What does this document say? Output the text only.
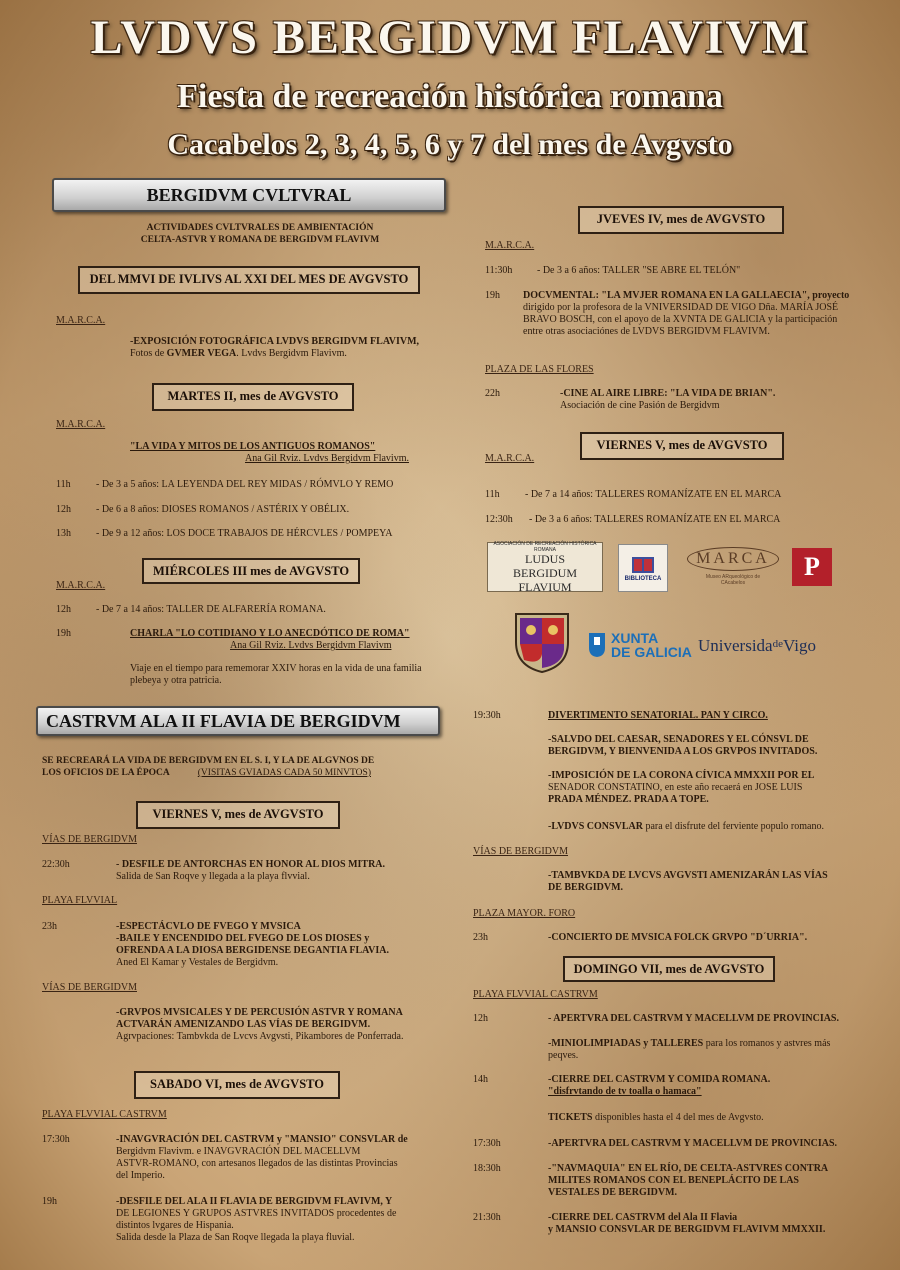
LVDVS BERGIDVM FLAVIVM
Fiesta de recreación histórica romana
Cacabelos 2, 3, 4, 5, 6 y 7 del mes de Avgvsto
BERGIDVM CVLTVRAL
ACTIVIDADES CVLTVRALES DE AMBIENTACIÓN
CELTA-ASTVR Y ROMANA DE BERGIDVM FLAVIVM
DEL MMVI DE IVLIVS AL XXI DEL MES DE AVGVSTO
M.A.R.C.A.
-EXPOSICIÓN FOTOGRÁFICA LVDVS BERGIDVM FLAVIVM,
Fotos de GVMER VEGA. Lvdvs Bergidvm Flavivm.
MARTES II, mes de AVGVSTO
M.A.R.C.A.
"LA VIDA Y MITOS DE LOS ANTIGUOS ROMANOS"
Ana Gil Rviz. Lvdvs Bergidvm Flavivm.
11h	- De 3 a 5 años: LA LEYENDA DEL REY MIDAS / RÓMVLO Y REMO
12h	- De 6 a 8 años: DIOSES ROMANOS / ASTÉRIX Y OBÉLIX.
13h	- De 9 a 12 años: LOS DOCE TRABAJOS DE HÉRCVLES / POMPEYA
MIÉRCOLES III mes de AVGVSTO
M.A.R.C.A.
12h	- De 7 a 14 años: TALLER DE ALFARERÍA ROMANA.
19h	CHARLA "LO COTIDIANO Y LO ANECDÓTICO DE ROMA"
Ana Gil Rviz. Lvdvs Bergidvm Flavivm
Viaje en el tiempo para rememorar XXIV horas en la vida de una familia
plebeya y otra patricia.
CASTRVM ALA II FLAVIA DE BERGIDVM
SE RECREARÁ LA VIDA DE BERGIDVM EN EL S. I, Y LA DE ALGVNOS DE
LOS OFICIOS DE LA ÉPOCA	(VISITAS GVIADAS CADA 50 MINVTOS)
VIERNES V, mes de AVGVSTO
VÍAS DE BERGIDVM
22:30h	- DESFILE DE ANTORCHAS EN HONOR AL DIOS MITRA.
Salida de San Roqve y llegada a la playa flvvial.
PLAYA FLVVIAL
23h	-ESPECTÁCVLO DE FVEGO Y MVSICA
-BAILE Y ENCENDIDO DEL FVEGO DE LOS DIOSES y
OFRENDA A LA DIOSA BERGIDENSE DEGANTIA FLAVIA.
Aned El Kamar y Vestales de Bergidvm.
VÍAS DE BERGIDVM
-GRVPOS MVSICALES Y DE PERCUSIÓN ASTVR Y ROMANA
ACTVARÁN AMENIZANDO LAS VÍAS DE BERGIDVM.
Agrvpaciones: Tambvkda de Lvcvs Avgvsti, Pikambores de Ponferrada.
SABADO VI, mes de AVGVSTO
PLAYA FLVVIAL CASTRVM
17:30h	-INAVGVRACIÓN DEL CASTRVM y "MANSIO" CONSVLAR de
Bergidvm Flavivm. e INAVGVRACIÓN DEL MACELLVM
ASTVR-ROMANO, con artesanos llegados de las distintas Provincias
del Imperio.
19h	-DESFILE DEL ALA II FLAVIA DE BERGIDVM FLAVIVM, Y
DE LEGIONES Y GRUPOS ASTVRES INVITADOS procedentes de
distintos lvgares de Hispania.
Salida desde la Plaza de San Roqve llegada la playa fluvial.
JVEVES IV, mes de AVGVSTO
M.A.R.C.A.
11:30h	- De 3 a 6 años: TALLER "SE ABRE EL TELÓN"
19h DOCVMENTAL: "LA MVJER ROMANA EN LA GALLAECIA", proyecto
dirigido por la profesora de la VNIVERSIDAD DE VIGO Dña. MARÍA JOSÉ
BRAVO BOSCH, con el apoyo de la XVNTA DE GALICIA y la participación
entre otras asociaciónes de LVDVS BERGIDVM FLAVIVM.
PLAZA DE LAS FLORES
22h	-CINE AL AIRE LIBRE: "LA VIDA DE BRIAN".
Asociación de cine Pasión de Bergidvm
VIERNES V, mes de AVGVSTO
M.A.R.C.A.
11h	- De 7 a 14 años: TALLERES ROMANÍZATE EN EL MARCA
12:30h	- De 3 a 6 años: TALLERES ROMANÍZATE EN EL MARCA
ASOCIACIÓN DE RECREACIÓN HISTÓRICA ROMANA
LUDUS
BERGIDUM FLAVIUM
BIBLIOTECA
MARCA
Museo ARqueológico de CAcabelos
P
XUNTA
DE GALICIA Universida$^{de}$Vigo
19:30h	DIVERTIMENTO SENATORIAL. PAN Y CIRCO.
-SALVDO DEL CAESAR, SENADORES Y EL CÓNSVL DE
BERGIDVM, Y BIENVENIDA A LOS GRVPOS INVITADOS.
-IMPOSICIÓN DE LA CORONA CÍVICA MMXXII POR EL
SENADOR CONSTATINO, en este año recaerá en JOSE LUIS
PRADA MÉNDEZ. PRADA A TOPE.
-LVDVS CONSVLAR para el disfrute del ferviente populo romano.
VÍAS DE BERGIDVM
-TAMBVKDA DE LVCVS AVGVSTI AMENIZARÁN LAS VÍAS
DE BERGIDVM.
PLAZA MAYOR. FORO
23h	-CONCIERTO DE MVSICA FOLCK GRVPO "D´URRIA".
DOMINGO VII, mes de AVGVSTO
PLAYA FLVVIAL CASTRVM
12h	- APERTVRA DEL CASTRVM Y MACELLVM DE PROVINCIAS.
-MINIOLIMPIADAS y TALLERES para los romanos y astvres más
peqves.
14h	-CIERRE DEL CASTRVM Y COMIDA ROMANA.
"disfrvtando de tv toalla o hamaca"
TICKETS disponibles hasta el 4 del mes de Avgvsto.
17:30h	-APERTVRA DEL CASTRVM Y MACELLVM DE PROVINCIAS.
18:30h	-"NAVMAQUIA" EN EL RÍO, DE CELTA-ASTVRES CONTRA
MILITES ROMANOS CON EL BENEPLÁCITO DE LAS
VESTALES DE BERGIDVM.
21:30h	-CIERRE DEL CASTRVM del Ala II Flavia
y MANSIO CONSVLAR DE BERGIDVM FLAVIVM MMXXII.
